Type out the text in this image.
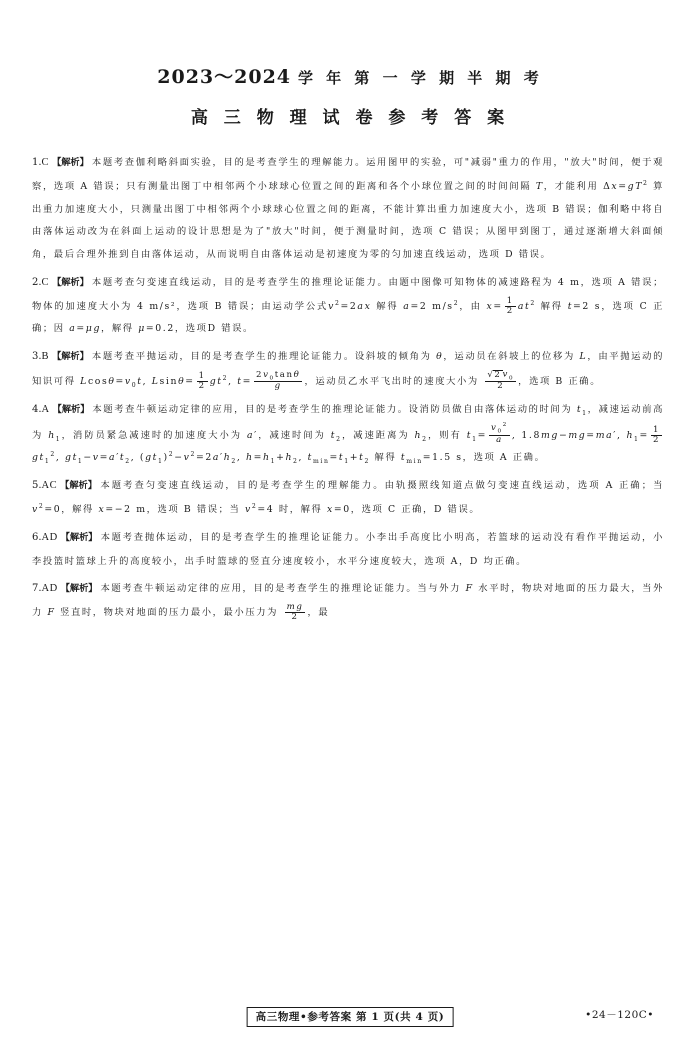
2023～2024 学 年 第 一 学 期 半 期 考
高 三 物 理 试 卷 参 考 答 案
1.C 【解析】 本题考查伽利略斜面实验，目的是考查学生的理解能力。运用图甲的实验，可"减弱"重力的作用，"放大"时间，便于观察，选项 A 错误；只有测量出图丁中相邻两个小球球心位置之间的距离和各个小球位置之间的时间间隔 T，才能利用 $\Delta x=gT^2$ 算出重力加速度大小，只测量出图丁中相邻两个小球球心位置之间的距离，不能计算出重力加速度大小，选项 B 错误；伽利略中将自由落体运动改为在斜面上运动的设计思想是为了"放大"时间，便于测量时间，选项 C 错误；从图甲到图丁，通过逐渐增大斜面倾角，最后合理外推到自由落体运动，从而说明自由落体运动是初速度为零的匀加速直线运动，选项 D 错误。
2.C 【解析】 本题考查匀变速直线运动，目的是考查学生的推理论证能力。由题中图像可知物体的减速路程为 4 m，选项 A 错误；物体的加速度大小为 4 m/s²，选项 B 错误；由运动学公式$v^2=2ax$ 解得 a=2 $m/s^2$，由 $x= \frac{1}{2} at^2$ 解得 t=2 s，选项 C 正确；因 a=μg，解得 μ=0.2，选项D 错误。
3.B 【解析】 本题考查平抛运动，目的是考查学生的推理论证能力。设斜坡的倾角为 θ，运动员在斜坡上的位移为 L，由平抛运动的知识可得 $Lcos\theta=v_0t$, $Lsin\theta= \frac{1}{2} gt^2$, $t= \frac{2v_0\tan\theta}{g}$ ，运动员乙水平飞出时的速度大小为 $\frac{√2v_0}{2}$ ，选项 B 正确。
4.A 【解析】 本题考查牛顿运动定律的应用，目的是考查学生的推理论证能力。设消防员做自由落体运动的时间为 $t_1$，减速运动前高为 $h_1$，消防员紧急减速时的加速度大小为 a′，减速时间为 $t_2$，减速距离为 $h_2$，则有 $t_1= \frac{v_0^2}{a}$ , 1.8mg−mg=ma′, $h_1= \frac{1}{2}$
$gt_1^2$, $gt_1-v=a't_2$, $(gt_1)^2-v^2=2a'h_2$, $h=h_1+h_2$, $t_{min}=t_1+t_2$ 解得 $t_{min}=1.5$ s，选项 A 正确。
5.AC 【解析】 本题考查匀变速直线运动，目的是考查学生的理解能力。由轨摄照线知道点做匀变速直线运动，选项 A 正确；当 $v^2=0$，解得 x=−2 m，选项 B 错误；当 $v^2=4$ 时，解得 x=0，选项 C 正确，D 错误。
6.AD 【解析】 本题考查抛体运动，目的是考查学生的推理论证能力。小李出手高度比小明高，若篮球的运动没有看作平抛运动，小李投篮时篮球上升的高度较小，出手时篮球的竖直分速度较小，水平分速度较大，选项 A，D 均正确。
7.AD 【解析】 本题考查牛顿运动定律的应用，目的是考查学生的推理论证能力。当与外力 F 水平时，物块对地面的压力最大，当外力 F 竖直时，物块对地面的压力最小，最小压力为 $\frac{mg}{2}$ ，最
高三物理•参考答案 第 1 页(共 4 页)	•24－120C•
